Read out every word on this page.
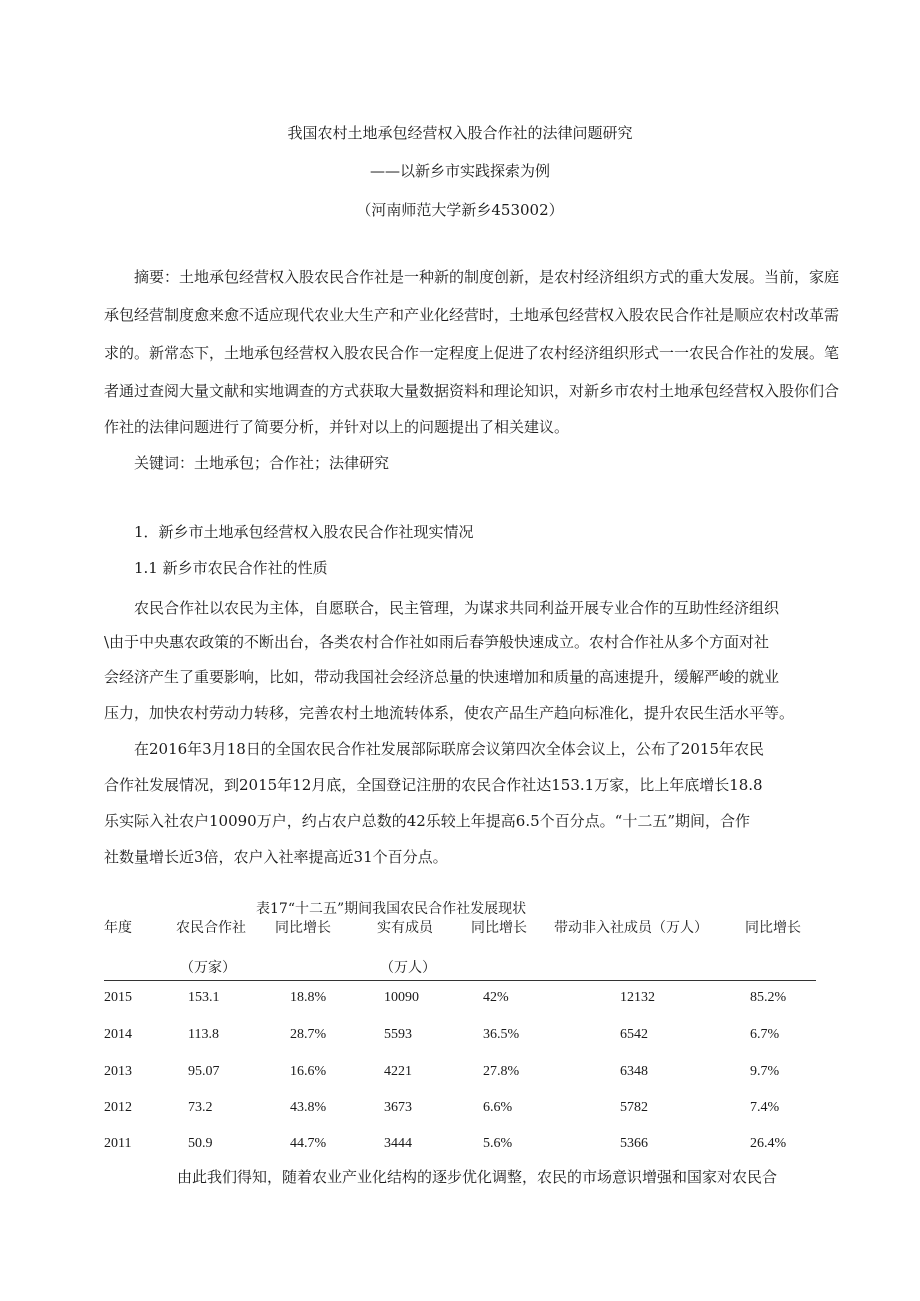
我国农村土地承包经营权入股合作社的法律问题研究
——以新乡市实践探索为例
（河南师范大学新乡453002）
摘要：土地承包经营权入股农民合作社是一种新的制度创新，是农村经济组织方式的重大发展。当前，家庭
承包经营制度愈来愈不适应现代农业大生产和产业化经营时，土地承包经营权入股农民合作社是顺应农村改革需
求的。新常态下，土地承包经营权入股农民合作一定程度上促进了农村经济组织形式一一农民合作社的发展。笔
者通过查阅大量文献和实地调查的方式获取大量数据资料和理论知识，对新乡市农村土地承包经营权入股你们合
作社的法律问题进行了简要分析，并针对以上的问题提出了相关建议。
关键词：土地承包；合作社；法律研究
1．新乡市土地承包经营权入股农民合作社现实情况
1.1 新乡市农民合作社的性质
农民合作社以农民为主体，自愿联合，民主管理，为谋求共同利益开展专业合作的互助性经济组织
\由于中央惠农政策的不断出台，各类农村合作社如雨后春笋般快速成立。农村合作社从多个方面对社
会经济产生了重要影响，比如，带动我国社会经济总量的快速增加和质量的高速提升，缓解严峻的就业
压力，加快农村劳动力转移，完善农村土地流转体系，使农产品生产趋向标准化，提升农民生活水平等。
在2016年3月18日的全国农民合作社发展部际联席会议第四次全体会议上，公布了2015年农民
合作社发展情况，到2015年12月底，全国登记注册的农民合作社达153.1万家，比上年底增长18.8
乐实际入社农户10090万户，约占农户总数的42乐较上年提高6.5个百分点。“十二五”期间，合作
社数量增长近3倍，农户入社率提高近31个百分点。
表17“十二五”期间我国农民合作社发展现状
年度	农民合作社 同比增长	实有成员	同比增长 带动非入社成员（万人）	同比增长
（万家）	（万人）
2015	153.1	18.8%	10090	42%	12132	85.2%
2014	113.8	28.7%	5593	36.5%	6542	6.7%
2013	95.07	16.6%	4221	27.8%	6348	9.7%
2012	73.2	43.8%	3673	6.6%	5782	7.4%
2011	50.9	44.7%	3444	5.6%	5366	26.4%
由此我们得知，随着农业产业化结构的逐步优化调整，农民的市场意识增强和国家对农民合
